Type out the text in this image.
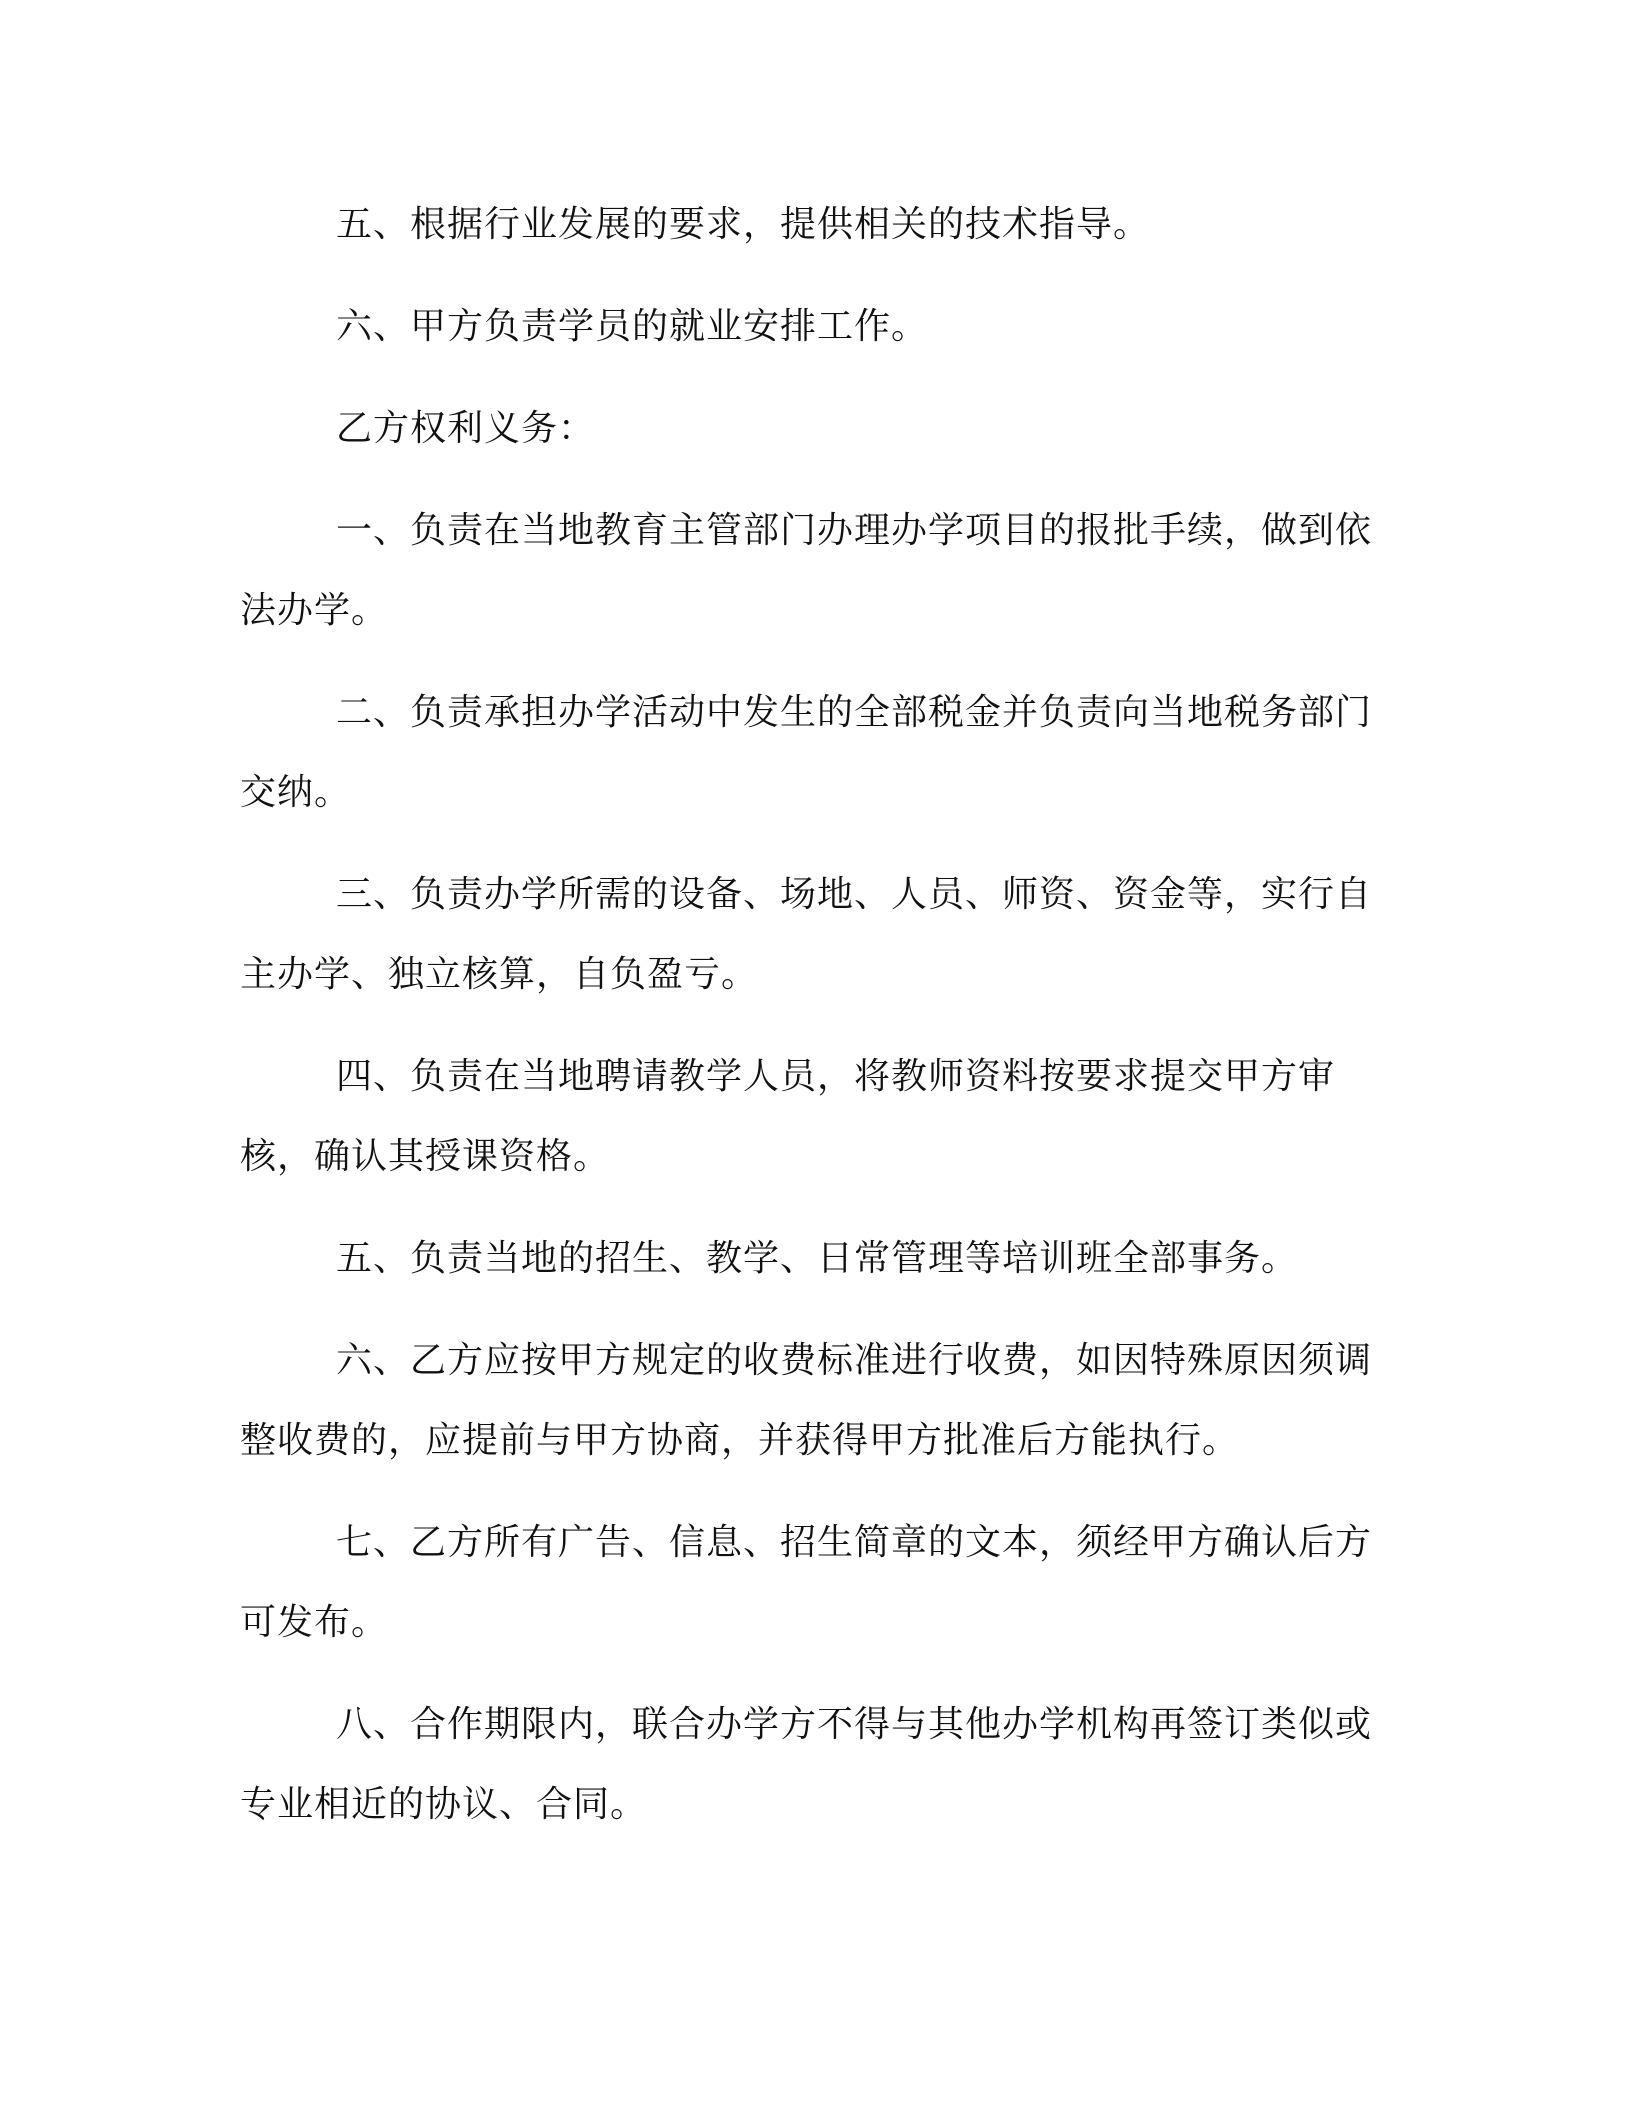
五、根据行业发展的要求，提供相关的技术指导。

六、甲方负责学员的就业安排工作。

乙方权利义务：

一、负责在当地教育主管部门办理办学项目的报批手续，做到依法办学。

二、负责承担办学活动中发生的全部税金并负责向当地税务部门交纳。

三、负责办学所需的设备、场地、人员、师资、资金等，实行自主办学、独立核算，自负盈亏。

四、负责在当地聘请教学人员，将教师资料按要求提交甲方审核，确认其授课资格。

五、负责当地的招生、教学、日常管理等培训班全部事务。

六、乙方应按甲方规定的收费标准进行收费，如因特殊原因须调整收费的，应提前与甲方协商，并获得甲方批准后方能执行。

七、乙方所有广告、信息、招生简章的文本，须经甲方确认后方可发布。

八、合作期限内，联合办学方不得与其他办学机构再签订类似或专业相近的协议、合同。
